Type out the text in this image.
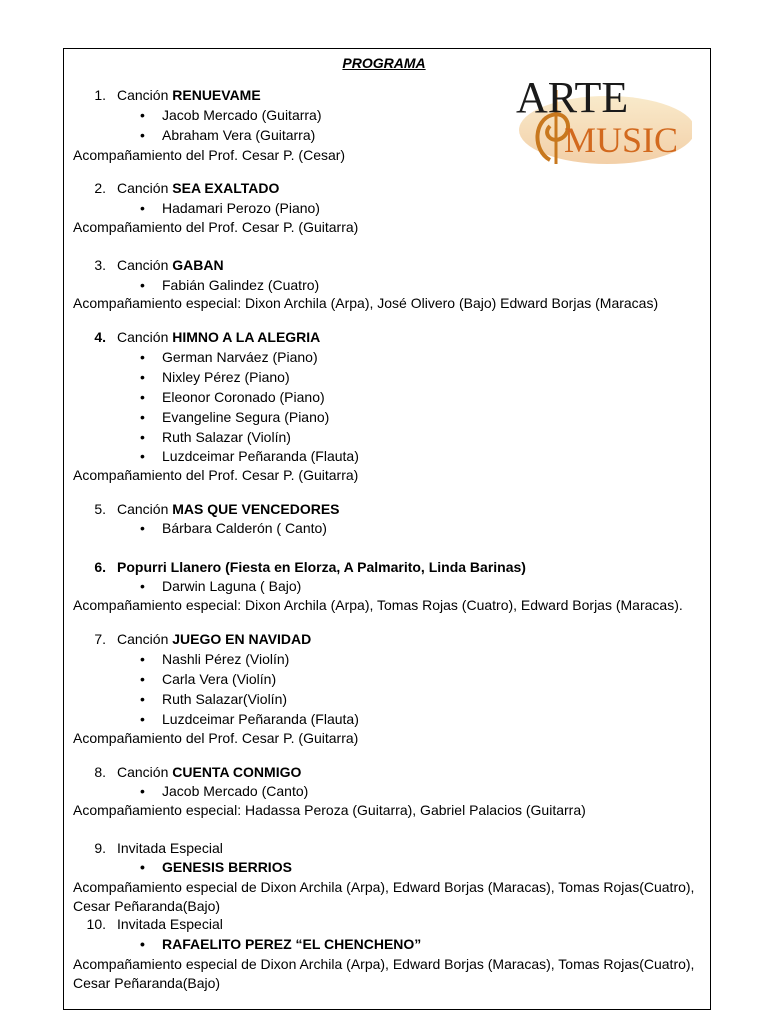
PROGRAMA
ARTE
MUSIC
1. Canción RENUEVAME
• Jacob Mercado (Guitarra)
• Abraham Vera (Guitarra)
Acompañamiento del Prof. Cesar P. (Cesar)
2. Canción SEA EXALTADO
• Hadamari Perozo (Piano)
Acompañamiento del Prof. Cesar P. (Guitarra)
3. Canción GABAN
• Fabián Galindez (Cuatro)
Acompañamiento especial: Dixon Archila (Arpa), José Olivero (Bajo) Edward Borjas (Maracas)
4. Canción HIMNO A LA ALEGRIA
• German Narváez (Piano)
• Nixley Pérez (Piano)
• Eleonor Coronado (Piano)
• Evangeline Segura (Piano)
• Ruth Salazar (Violín)
• Luzdceimar Peñaranda (Flauta)
Acompañamiento del Prof. Cesar P. (Guitarra)
5. Canción MAS QUE VENCEDORES
• Bárbara Calderón ( Canto)
6. Popurri Llanero (Fiesta en Elorza, A Palmarito, Linda Barinas)
• Darwin Laguna ( Bajo)
Acompañamiento especial: Dixon Archila (Arpa), Tomas Rojas (Cuatro), Edward Borjas (Maracas).
7. Canción JUEGO EN NAVIDAD
• Nashli Pérez (Violín)
• Carla Vera (Violín)
• Ruth Salazar(Violín)
• Luzdceimar Peñaranda (Flauta)
Acompañamiento del Prof. Cesar P. (Guitarra)
8. Canción CUENTA CONMIGO
• Jacob Mercado (Canto)
Acompañamiento especial: Hadassa Peroza (Guitarra), Gabriel Palacios (Guitarra)
9. Invitada Especial
• GENESIS BERRIOS
Acompañamiento especial de Dixon Archila (Arpa), Edward Borjas (Maracas), Tomas Rojas(Cuatro),
Cesar Peñaranda(Bajo)
10. Invitada Especial
• RAFAELITO PEREZ “EL CHENCHENO”
Acompañamiento especial de Dixon Archila (Arpa), Edward Borjas (Maracas), Tomas Rojas(Cuatro),
Cesar Peñaranda(Bajo)
